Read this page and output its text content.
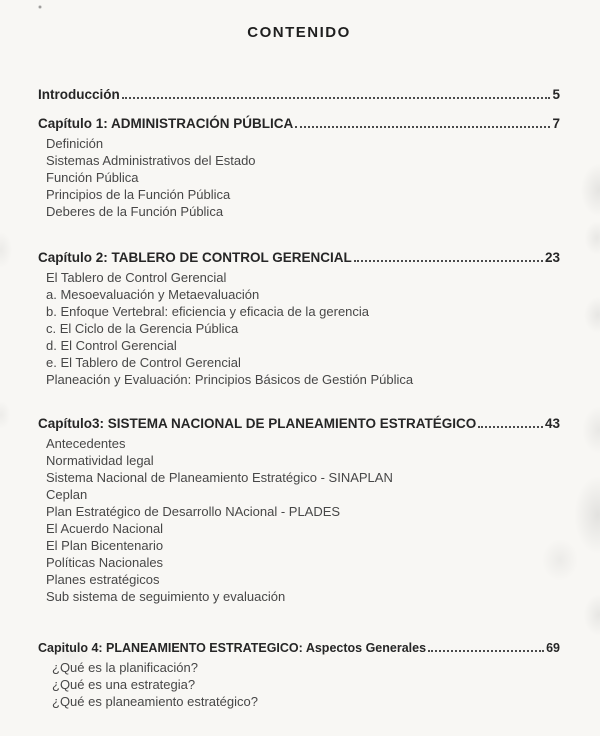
CONTENIDO
Introducción	5
Capítulo 1: ADMINISTRACIÓN PÚBLICA	7
Definición
Sistemas Administrativos del Estado
Función Pública
Principios de la Función Pública
Deberes de la Función Pública
Capítulo 2: TABLERO DE CONTROL GERENCIAL	23
El Tablero de Control Gerencial
a. Mesoevaluación y Metaevaluación
b. Enfoque Vertebral: eficiencia y eficacia de la gerencia
c. El Ciclo de la Gerencia Pública
d. El Control Gerencial
e. El Tablero de Control Gerencial
Planeación y Evaluación: Principios Básicos de Gestión Pública
Capítulo3: SISTEMA NACIONAL DE PLANEAMIENTO ESTRATÉGICO	43
Antecedentes
Normatividad legal
Sistema Nacional de Planeamiento Estratégico - SINAPLAN
Ceplan
Plan Estratégico de Desarrollo NAcional - PLADES
El Acuerdo Nacional
El Plan Bicentenario
Políticas Nacionales
Planes estratégicos
Sub sistema de seguimiento y evaluación
Capitulo 4: PLANEAMIENTO ESTRATEGICO: Aspectos Generales	69
¿Qué es la planificación?
¿Qué es una estrategia?
¿Qué es planeamiento estratégico?
